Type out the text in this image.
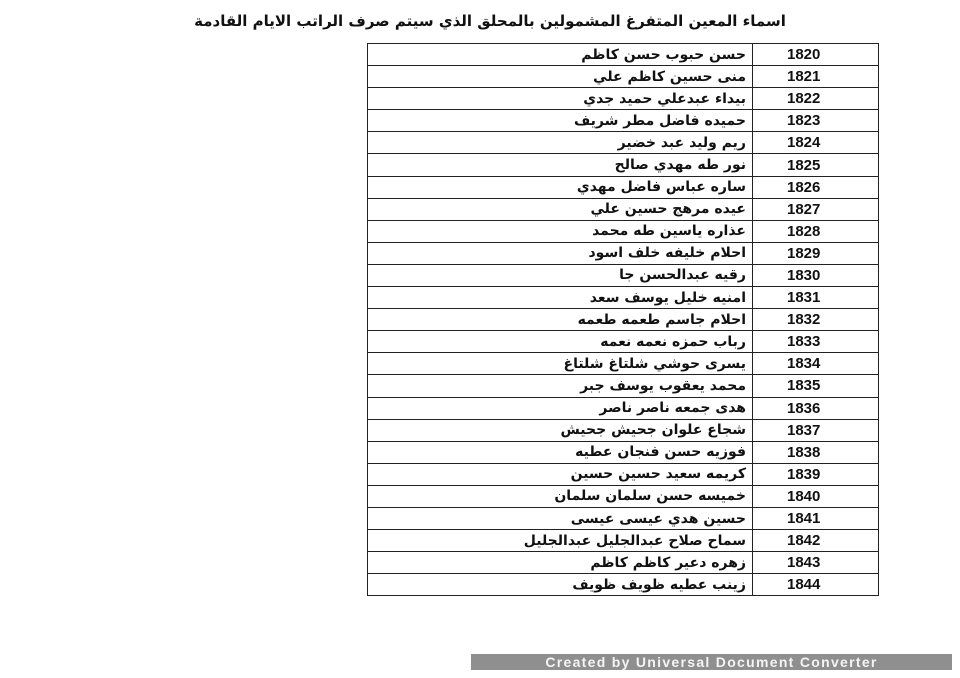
اسماء المعين المتفرغ المشمولين بالمحلق الذي سيتم صرف الراتب الايام القادمة
حسن حبوب حسن كاظم	1820
منى حسين كاظم علي	1821
بيداء عبدعلي حميد جدي	1822
حميده فاضل مطر شريف	1823
ريم وليد عبد خضير	1824
نور طه مهدي صالح	1825
ساره عباس فاضل مهدي	1826
عيده مرهج حسين علي	1827
عذاره ياسين طه محمد	1828
احلام خليفه خلف اسود	1829
رقيه عبدالحسن جا	1830
امنيه خليل يوسف سعد	1831
احلام جاسم طعمه طعمه	1832
رباب حمزه نعمه نعمه	1833
يسرى حوشي شلتاغ شلتاغ	1834
محمد يعقوب يوسف جبر	1835
هدى جمعه ناصر ناصر	1836
شجاع علوان جحيش جحيش	1837
فوزيه حسن فنجان عطيه	1838
كريمه سعيد حسين حسين	1839
خميسه حسن سلمان سلمان	1840
حسين هدي عيسى عيسى	1841
سماح صلاح عبدالجليل عبدالجليل	1842
زهره دعير كاظم كاظم	1843
زينب عطيه ظويف ظويف	1844
Created by Universal Document Converter
